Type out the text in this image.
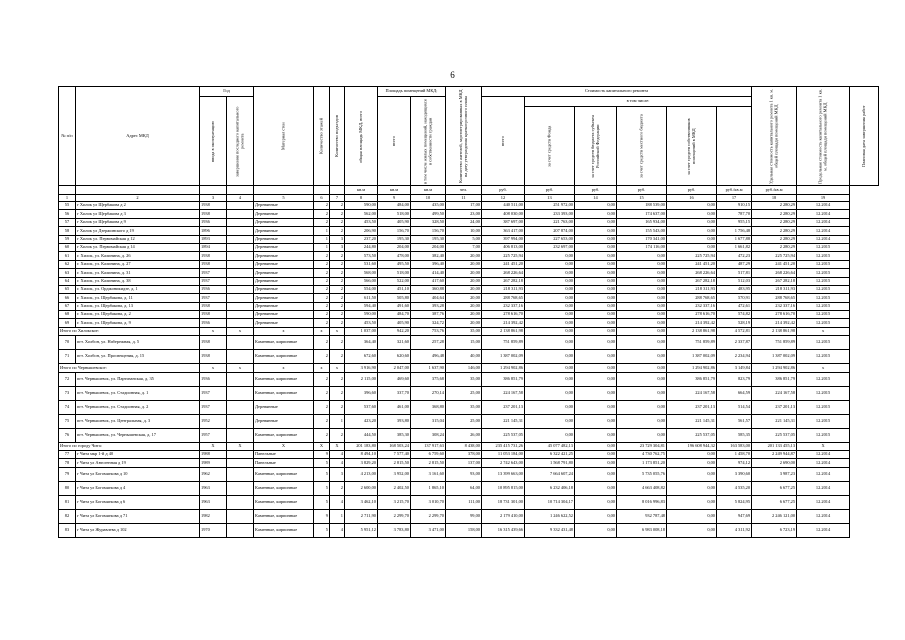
6
№ п/п	Адрес МКД	Год		Материал стен	Количество этажей	Количество подъездов	общая площадь МКД, всего	Площадь помещений МКД:		Количество жителей, зарегистрированных в МКД на дату утверждения краткосрочного плана	Стоимость капитального ремонта						Удельная стоимость капитального ремонта 1 кв. м. общей площади помещений МКД	Предельная стоимость капитального ремонта 1 кв. м. общей площади помещений МКД	Плановая дата завершения работ
		ввода в эксплуатацию	завершения последнего капитального ремонта					всего	в том числе жилых помещений, находящихся в собственности граждан		всего	в том числе:							
												за счет средств Фонда	за счет средств бюджета субъекта Российской Федерации	за счет средств местного бюджета	за счет средств собственников помещений в МКД				
							кв.м	кв.м	кв.м	чел.	руб.	руб.	руб.	руб.	руб.	руб./кв.м	руб./кв.м		
1	2	3	4	5	6	7	8	9	10	11	12	13	14	15	16	17	18	19	
55	г Хилок ул Щербакова д 2	1938		Деревянные	2	2	590,00	484,00	435,00	17,00	440 511,00	251 972,00	0,00	188 539,00	0,00	910,15	2 280,29	12.2014	
56	г Хилок ул Щербакова д 3	1938		Деревянные	2	2	562,00	518,00	499,50	23,00	408 030,00	233 393,00	0,00	174 637,00	0,00	787,70	2 280,29	12.2014	
57	г Хилок ул Щербакова д 9	1936		Деревянные	2	2	453,50	405,90	328,50	24,00	387 697,00	221 763,00	0,00	165 934,00	0,00	955,15	2 280,29	12.2014	
58	г Хилок ул Дзержинского д 19	1896		Деревянные	1	2	206,90	156,70	156,70	10,00	363 417,00	207 874,00	0,00	155 543,00	0,00	1 756,48	2 280,29	12.2014	
59	г Хилок ул. Первомайская д 12	1893		Деревянные	1	3	237,20	195,30	195,30	5,00	397 994,00	227 653,00	0,00	170 341,00	0,00	1 677,88	2 280,29	12.2014	
60	г Хилок ул. Первомайская д 14	1894		Деревянные	1	3	244,80	204,00	204,00	7,00	406 813,00	232 697,00	0,00	174 116,00	0,00	1 661,82	2 280,29	12.2015	
61	г. Хилок, ул. Калинина, д. 26	1938		Деревянные	2	2	573,50	478,00	382,40	20,00	225 725,94	0,00	0,00	0,00	225 725,94	472,23	225 725,94	12.2015	
62	г. Хилок, ул. Калинина, д. 27	1938		Деревянные	2	2	531,60	495,50	396,40	20,00	241 451,20	0,00	0,00	0,00	241 451,20	487,29	241 451,20	12.2015	
63	г. Хилок, ул. Калинина, д. 31	1937		Деревянные	2	2	568,00	518,00	414,40	20,00	268 226,64	0,00	0,00	0,00	268 226,64	517,81	268 226,64	12.2015	
64	г. Хилок, ул. Калинина, д. 38	1937		Деревянные	2	2	566,00	522,00	417,60	20,00	267 282,18	0,00	0,00	0,00	267 282,18	512,03	267 282,18	12.2015	
65	г. Хилок, ул. Орджоникидзе, д. 1	1936		Деревянные	2	2	554,00	451,10	360,88	20,00	218 311,93	0,00	0,00	0,00	218 311,93	483,95	218 311,93	12.2015	
66	г. Хилок, ул. Щербакова, д. 11	1937		Деревянные	2	2	611,50	505,80	404,64	20,00	288 768,65	0,00	0,00	0,00	288 768,65	570,91	288 768,65	12.2015	
67	г. Хилок, ул. Щербакова, д. 13	1938		Деревянные	2	2	594,40	491,60	393,28	20,00	232 337,16	0,00	0,00	0,00	232 337,16	472,61	232 337,16	12.2015	
68	г. Хилок, ул. Щербакова, д. 2	1938		Деревянные	2	2	590,00	484,70	387,76	20,00	278 616,70	0,00	0,00	0,00	278 616,70	574,82	278 616,70	12.2015	
69	г. Хилок, ул. Щербакова, д. 9	1936		Деревянные	2	2	453,50	405,90	324,72	20,00	214 392,42	0,00	0,00	0,00	214 392,42	528,19	214 392,42	12.2015	
Итого по Хилокское:		x	x	x	x	x	1 037,00	942,20	753,76	35,00	2 138 861,98	0,00	0,00	0,00	2 138 861,98	4 572,81	2 138 861,98	x	
70	пгт. Холбон, ул. Набережная, д. 5	1938		Каменные, кирпичные	2	2	364,40	321,60	257,28	15,00	751 859,89	0,00	0,00	0,00	751 859,89	2 337,87	751 859,89	12.2015	
71	пгт. Холбон, ул. Просвещения, д. 15	1938		Каменные, кирпичные	2	2	672,60	620,60	496,48	40,00	1 387 002,09	0,00	0,00	0,00	1 387 002,09	2 234,94	1 387 002,09	12.2015	
Итого по Чернышевское:		x	x	x	x	x	3 916,90	2 047,00	1 637,90	146,00	1 294 902,86	0,00	0,00	0,00	1 294 902,86	3 149,84	1 294 902,86	x	
72	пгт. Чернышевск, ул. Партизанская, д. 35	1936		Каменные, кирпичные	2	2	2 115,00	469,60	375,68	35,00	386 851,79	0,00	0,00	0,00	386 851,79	823,79	386 851,79	12.2015	
73	пгт. Чернышевск, ул. Стадионная, д. 1	1937		Каменные, кирпичные	2	2	396,60	337,70	270,14	25,00	224 167,58	0,00	0,00	0,00	224 167,58	664,59	224 167,58	12.2015	
74	пгт. Чернышевск, ул. Стадионная, д. 2	1937		Деревянные	2	2	537,60	461,00	368,80	35,00	237 201,13	0,00	0,00	0,00	237 201,13	514,54	237 201,13	12.2015	
75	пгт. Чернышевск, ул. Центральная, д. 3	1952		Деревянные	2	1	423,20	393,80	315,04	25,00	221 145,31	0,00	0,00	0,00	221 145,31	561,57	221 145,31	12.2015	
76	пгт. Чернышевск, ул. Чернышевская, д. 17	1957		Каменные, кирпичные	2	2	444,50	385,30	308,24	26,00	225 537,05	0,00	0,00	0,00	225 537,05	585,35	225 537,05	12.2015	
Итого по городу Чита:		X	X	X	X	X	201 183,80	168 503,24	137 917,63	8 438,00	235 415 731,26	45 077 482,13	0,00	23 729 304,81	196 608 944,32	163 583,00	201 133 455,13	X	
77	г Чита мкр 1-й д 40	1988		Панельные	9	4	8 494,10	7 577,40	6 759,60	378,00	11 053 184,00	6 322 421,25	0,00	4 730 762,75	0,00	1 458,70	2 249 944,87	12.2014	
78	г Чита ул Автогенная д 19	1989		Панельные	5	4	3 829,20	2 815,50	2 815,50	137,00	2 742 643,00	1 568 791,80	0,00	1 173 851,20	0,00	974,12	2 690,00	12.2014	
79	г Чита ул Богомягкова д 10	1962		Каменные, кирпичные	5	3	4 213,00	3 952,00	3 161,60	93,00	13 399 663,00	7 664 607,24	0,00	5 735 055,76	0,00	3 390,60	3 987,23	12.2014	
80	г Чита ул Богомягкова д 4	1963		Каменные, кирпичные	5	2	2 600,00	2 402,50	1 865,10	64,00	10 895 815,00	6 232 406,18	0,00	4 663 408,82	0,00	4 535,20	6 677,25	12.2014	
81	г Чита ул Богомягкова д 6	1963		Каменные, кирпичные	5	4	3 462,10	3 215,70	3 010,70	111,00	18 731 301,00	10 714 304,17	0,00	8 016 996,83	0,00	5 824,95	6 677,25	12.2014	
82	г Чита ул Богомягкова д 71	1982		Каменные, кирпичные	9	1	2 711,90	2 299,70	2 299,70	99,00	2 179 410,00	1 246 622,52	0,00	932 787,48	0,00	947,69	2 246 121,00	12.2014	
83	г Чита ул Журавлева д 102	1970		Каменные, кирпичные	5	4	5 951,12	3 783,80	3 471,00	158,00	16 315 439,66	9 332 431,48	0,00	6 983 008,18	0,00	4 311,92	6 723,19	12.2014	
